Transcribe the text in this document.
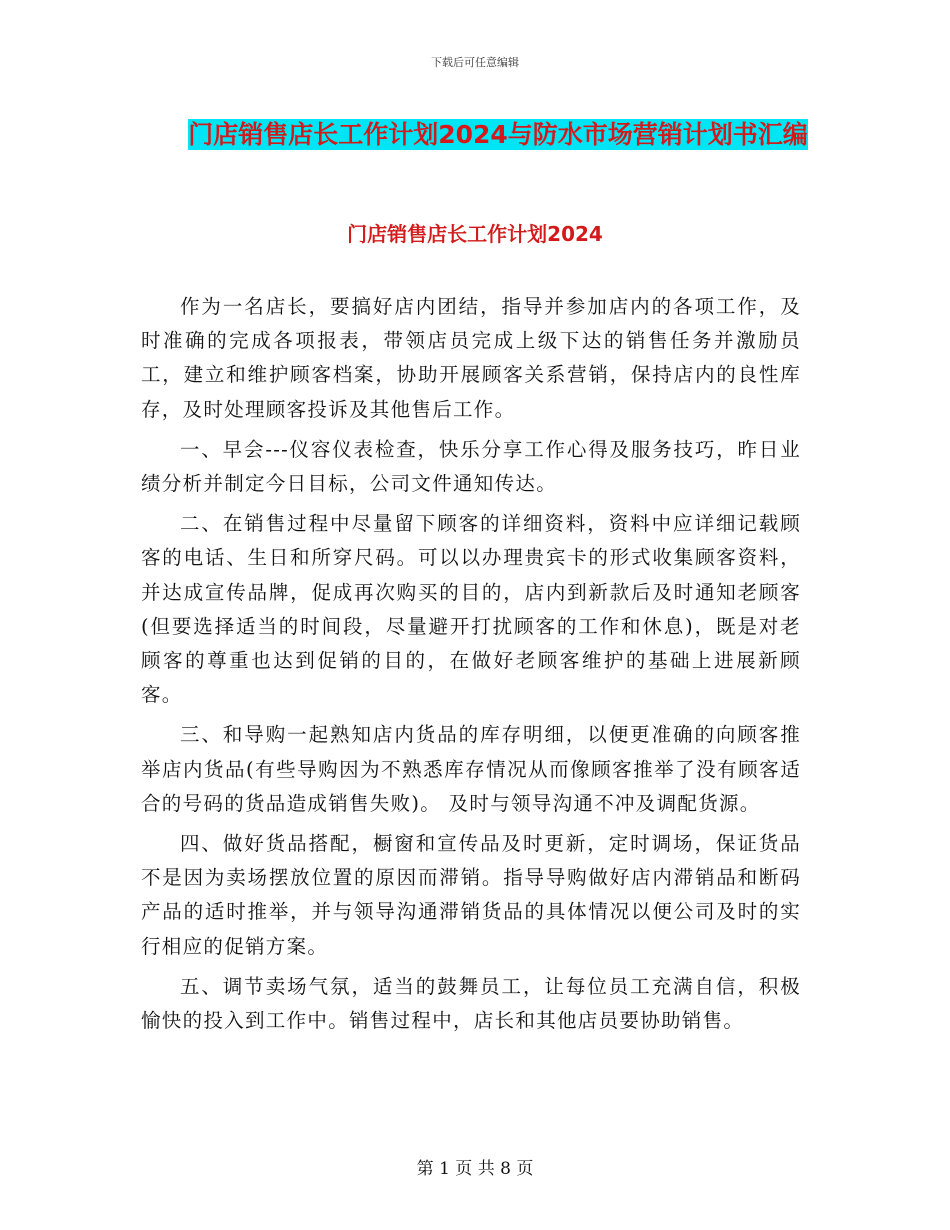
下载后可任意编辑
门店销售店长工作计划2024与防水市场营销计划书汇编
门店销售店长工作计划2024

作为一名店长，要搞好店内团结，指导并参加店内的各项工作，及时准确的完成各项报表，带领店员完成上级下达的销售任务并激励员工，建立和维护顾客档案，协助开展顾客关系营销，保持店内的良性库存，及时处理顾客投诉及其他售后工作。

一、早会---仪容仪表检查，快乐分享工作心得及服务技巧，昨日业绩分析并制定今日目标，公司文件通知传达。

二、在销售过程中尽量留下顾客的详细资料，资料中应详细记载顾客的电话、生日和所穿尺码。可以以办理贵宾卡的形式收集顾客资料，并达成宣传品牌，促成再次购买的目的，店内到新款后及时通知老顾客(但要选择适当的时间段，尽量避开打扰顾客的工作和休息)，既是对老顾客的尊重也达到促销的目的，在做好老顾客维护的基础上进展新顾客。

三、和导购一起熟知店内货品的库存明细，以便更准确的向顾客推举店内货品(有些导购因为不熟悉库存情况从而像顾客推举了没有顾客适合的号码的货品造成销售失败)。 及时与领导沟通不冲及调配货源。

四、做好货品搭配，橱窗和宣传品及时更新，定时调场，保证货品不是因为卖场摆放位置的原因而滞销。指导导购做好店内滞销品和断码产品的适时推举，并与领导沟通滞销货品的具体情况以便公司及时的实行相应的促销方案。

五、调节卖场气氛，适当的鼓舞员工，让每位员工充满自信，积极愉快的投入到工作中。销售过程中，店长和其他店员要协助销售。

第 1 页 共 8 页
